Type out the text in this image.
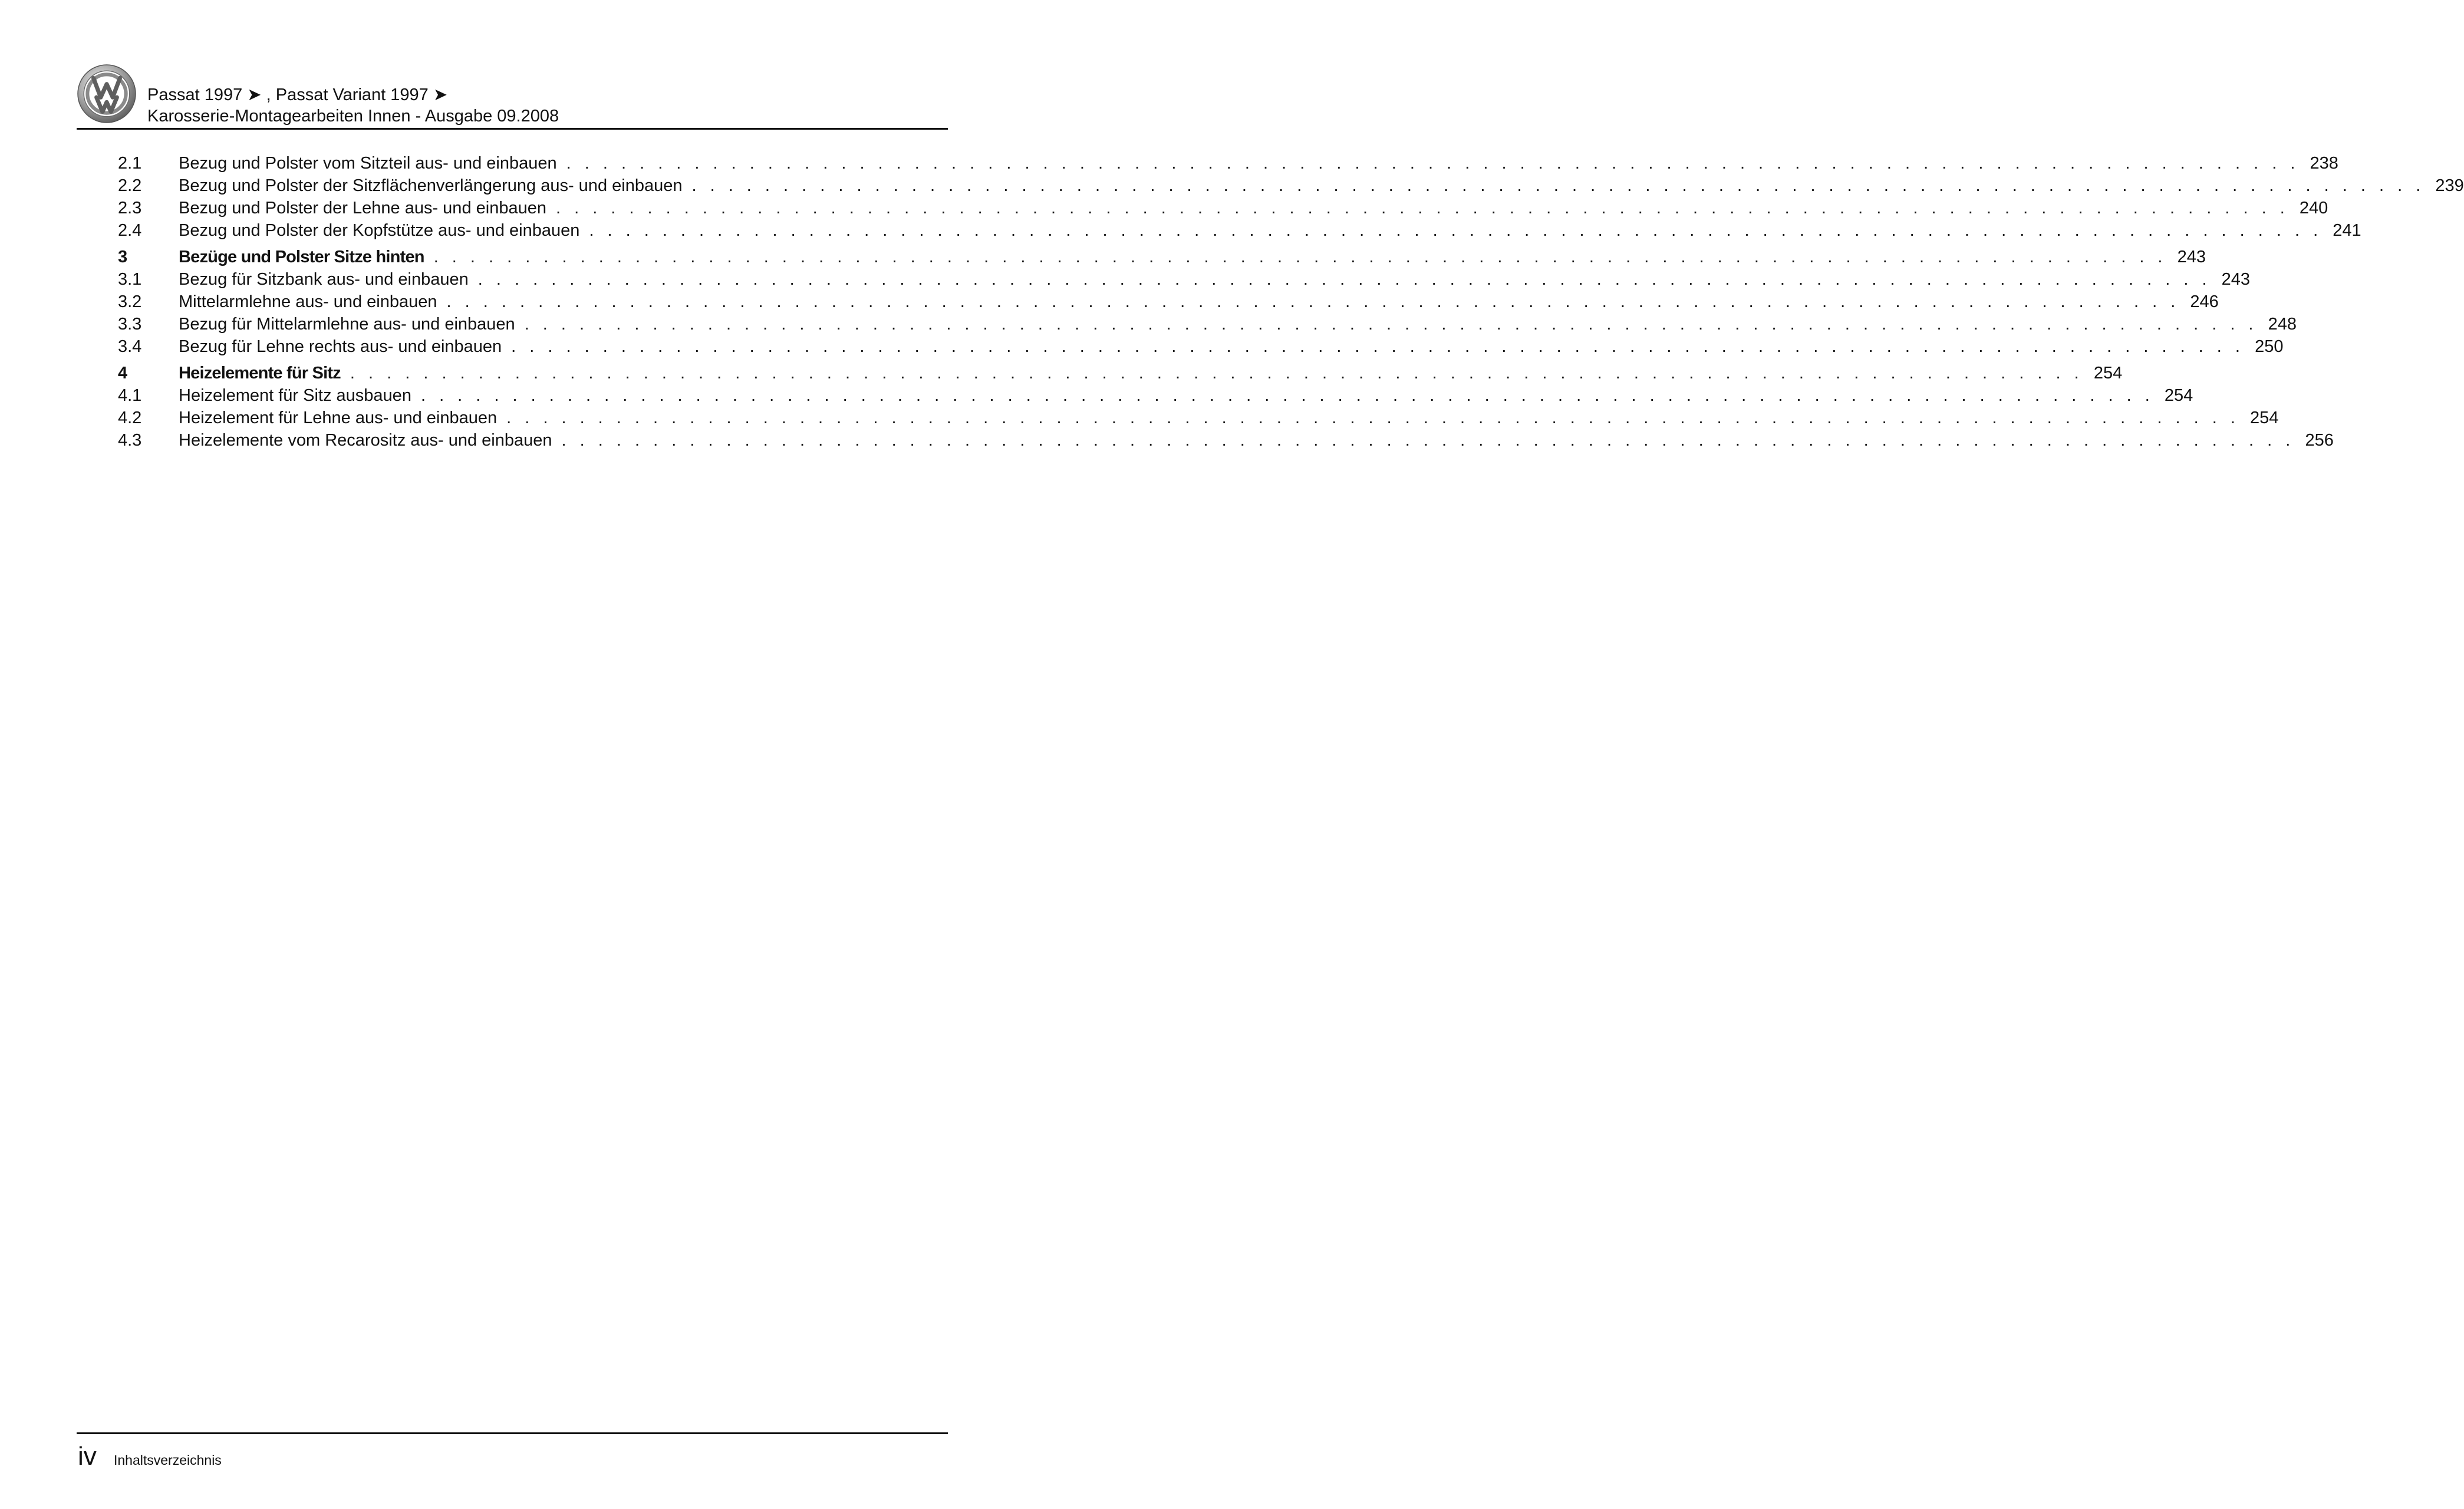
Passat 1997 ➤ , Passat Variant 1997 ➤
Karosserie-Montagearbeiten Innen - Ausgabe 09.2008
2.1	Bezug und Polster vom Sitzteil aus- und einbauen . . . . . . . . . . . . . . . . . . . . . . . . . . . . . . . . . . . . . . . . . . . . . . . . . . . . . . . . . . . . . . . . . . . . . . . . . . . . . . . . . . . . . . . . . . . . . . . 238
2.2	Bezug und Polster der Sitzflächenverlängerung aus- und einbauen . . . . . . . . . . . . . . . . . . . . . . . . . . . . . . . . . . . . . . . . . . . . . . . . . . . . . . . . . . . . . . . . . . . . . . . . . . . . . . . . . . . . . . . . . . . . . . . 239
2.3	Bezug und Polster der Lehne aus- und einbauen . . . . . . . . . . . . . . . . . . . . . . . . . . . . . . . . . . . . . . . . . . . . . . . . . . . . . . . . . . . . . . . . . . . . . . . . . . . . . . . . . . . . . . . . . . . . . . . 240
2.4	Bezug und Polster der Kopfstütze aus- und einbauen . . . . . . . . . . . . . . . . . . . . . . . . . . . . . . . . . . . . . . . . . . . . . . . . . . . . . . . . . . . . . . . . . . . . . . . . . . . . . . . . . . . . . . . . . . . . . . . 241
3	Bezüge und Polster Sitze hinten . . . . . . . . . . . . . . . . . . . . . . . . . . . . . . . . . . . . . . . . . . . . . . . . . . . . . . . . . . . . . . . . . . . . . . . . . . . . . . . . . . . . . . . . . . . . . . . 243
3.1	Bezug für Sitzbank aus- und einbauen . . . . . . . . . . . . . . . . . . . . . . . . . . . . . . . . . . . . . . . . . . . . . . . . . . . . . . . . . . . . . . . . . . . . . . . . . . . . . . . . . . . . . . . . . . . . . . . 243
3.2	Mittelarmlehne aus- und einbauen . . . . . . . . . . . . . . . . . . . . . . . . . . . . . . . . . . . . . . . . . . . . . . . . . . . . . . . . . . . . . . . . . . . . . . . . . . . . . . . . . . . . . . . . . . . . . . . 246
3.3	Bezug für Mittelarmlehne aus- und einbauen . . . . . . . . . . . . . . . . . . . . . . . . . . . . . . . . . . . . . . . . . . . . . . . . . . . . . . . . . . . . . . . . . . . . . . . . . . . . . . . . . . . . . . . . . . . . . . . 248
3.4	Bezug für Lehne rechts aus- und einbauen . . . . . . . . . . . . . . . . . . . . . . . . . . . . . . . . . . . . . . . . . . . . . . . . . . . . . . . . . . . . . . . . . . . . . . . . . . . . . . . . . . . . . . . . . . . . . . . 250
4	Heizelemente für Sitz . . . . . . . . . . . . . . . . . . . . . . . . . . . . . . . . . . . . . . . . . . . . . . . . . . . . . . . . . . . . . . . . . . . . . . . . . . . . . . . . . . . . . . . . . . . . . . . 254
4.1	Heizelement für Sitz ausbauen . . . . . . . . . . . . . . . . . . . . . . . . . . . . . . . . . . . . . . . . . . . . . . . . . . . . . . . . . . . . . . . . . . . . . . . . . . . . . . . . . . . . . . . . . . . . . . . 254
4.2	Heizelement für Lehne aus- und einbauen . . . . . . . . . . . . . . . . . . . . . . . . . . . . . . . . . . . . . . . . . . . . . . . . . . . . . . . . . . . . . . . . . . . . . . . . . . . . . . . . . . . . . . . . . . . . . . . 254
4.3	Heizelemente vom Recarositz aus- und einbauen . . . . . . . . . . . . . . . . . . . . . . . . . . . . . . . . . . . . . . . . . . . . . . . . . . . . . . . . . . . . . . . . . . . . . . . . . . . . . . . . . . . . . . . . . . . . . . . 256
iv Inhaltsverzeichnis
